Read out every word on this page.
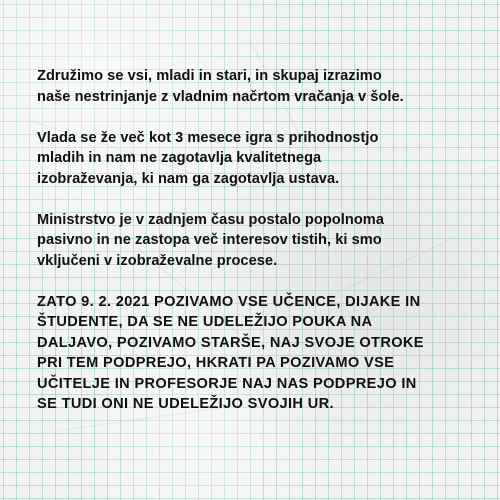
Združimo se vsi, mladi in stari, in skupaj izrazimo
naše nestrinjanje z vladnim načrtom vračanja v šole.

Vlada se že več kot 3 mesece igra s prihodnostjo
mladih in nam ne zagotavlja kvalitetnega
izobraževanja, ki nam ga zagotavlja ustava.

Ministrstvo je v zadnjem času postalo popolnoma
pasivno in ne zastopa več interesov tistih, ki smo
vključeni v izobraževalne procese.

ZATO 9. 2. 2021 POZIVAMO VSE UČENCE, DIJAKE IN
ŠTUDENTE, DA SE NE UDELEŽIJO POUKA NA
DALJAVO, POZIVAMO STARŠE, NAJ SVOJE OTROKE
PRI TEM PODPREJO, HKRATI PA POZIVAMO VSE
UČITELJE IN PROFESORJE NAJ NAS PODPREJO IN
SE TUDI ONI NE UDELEŽIJO SVOJIH UR.
